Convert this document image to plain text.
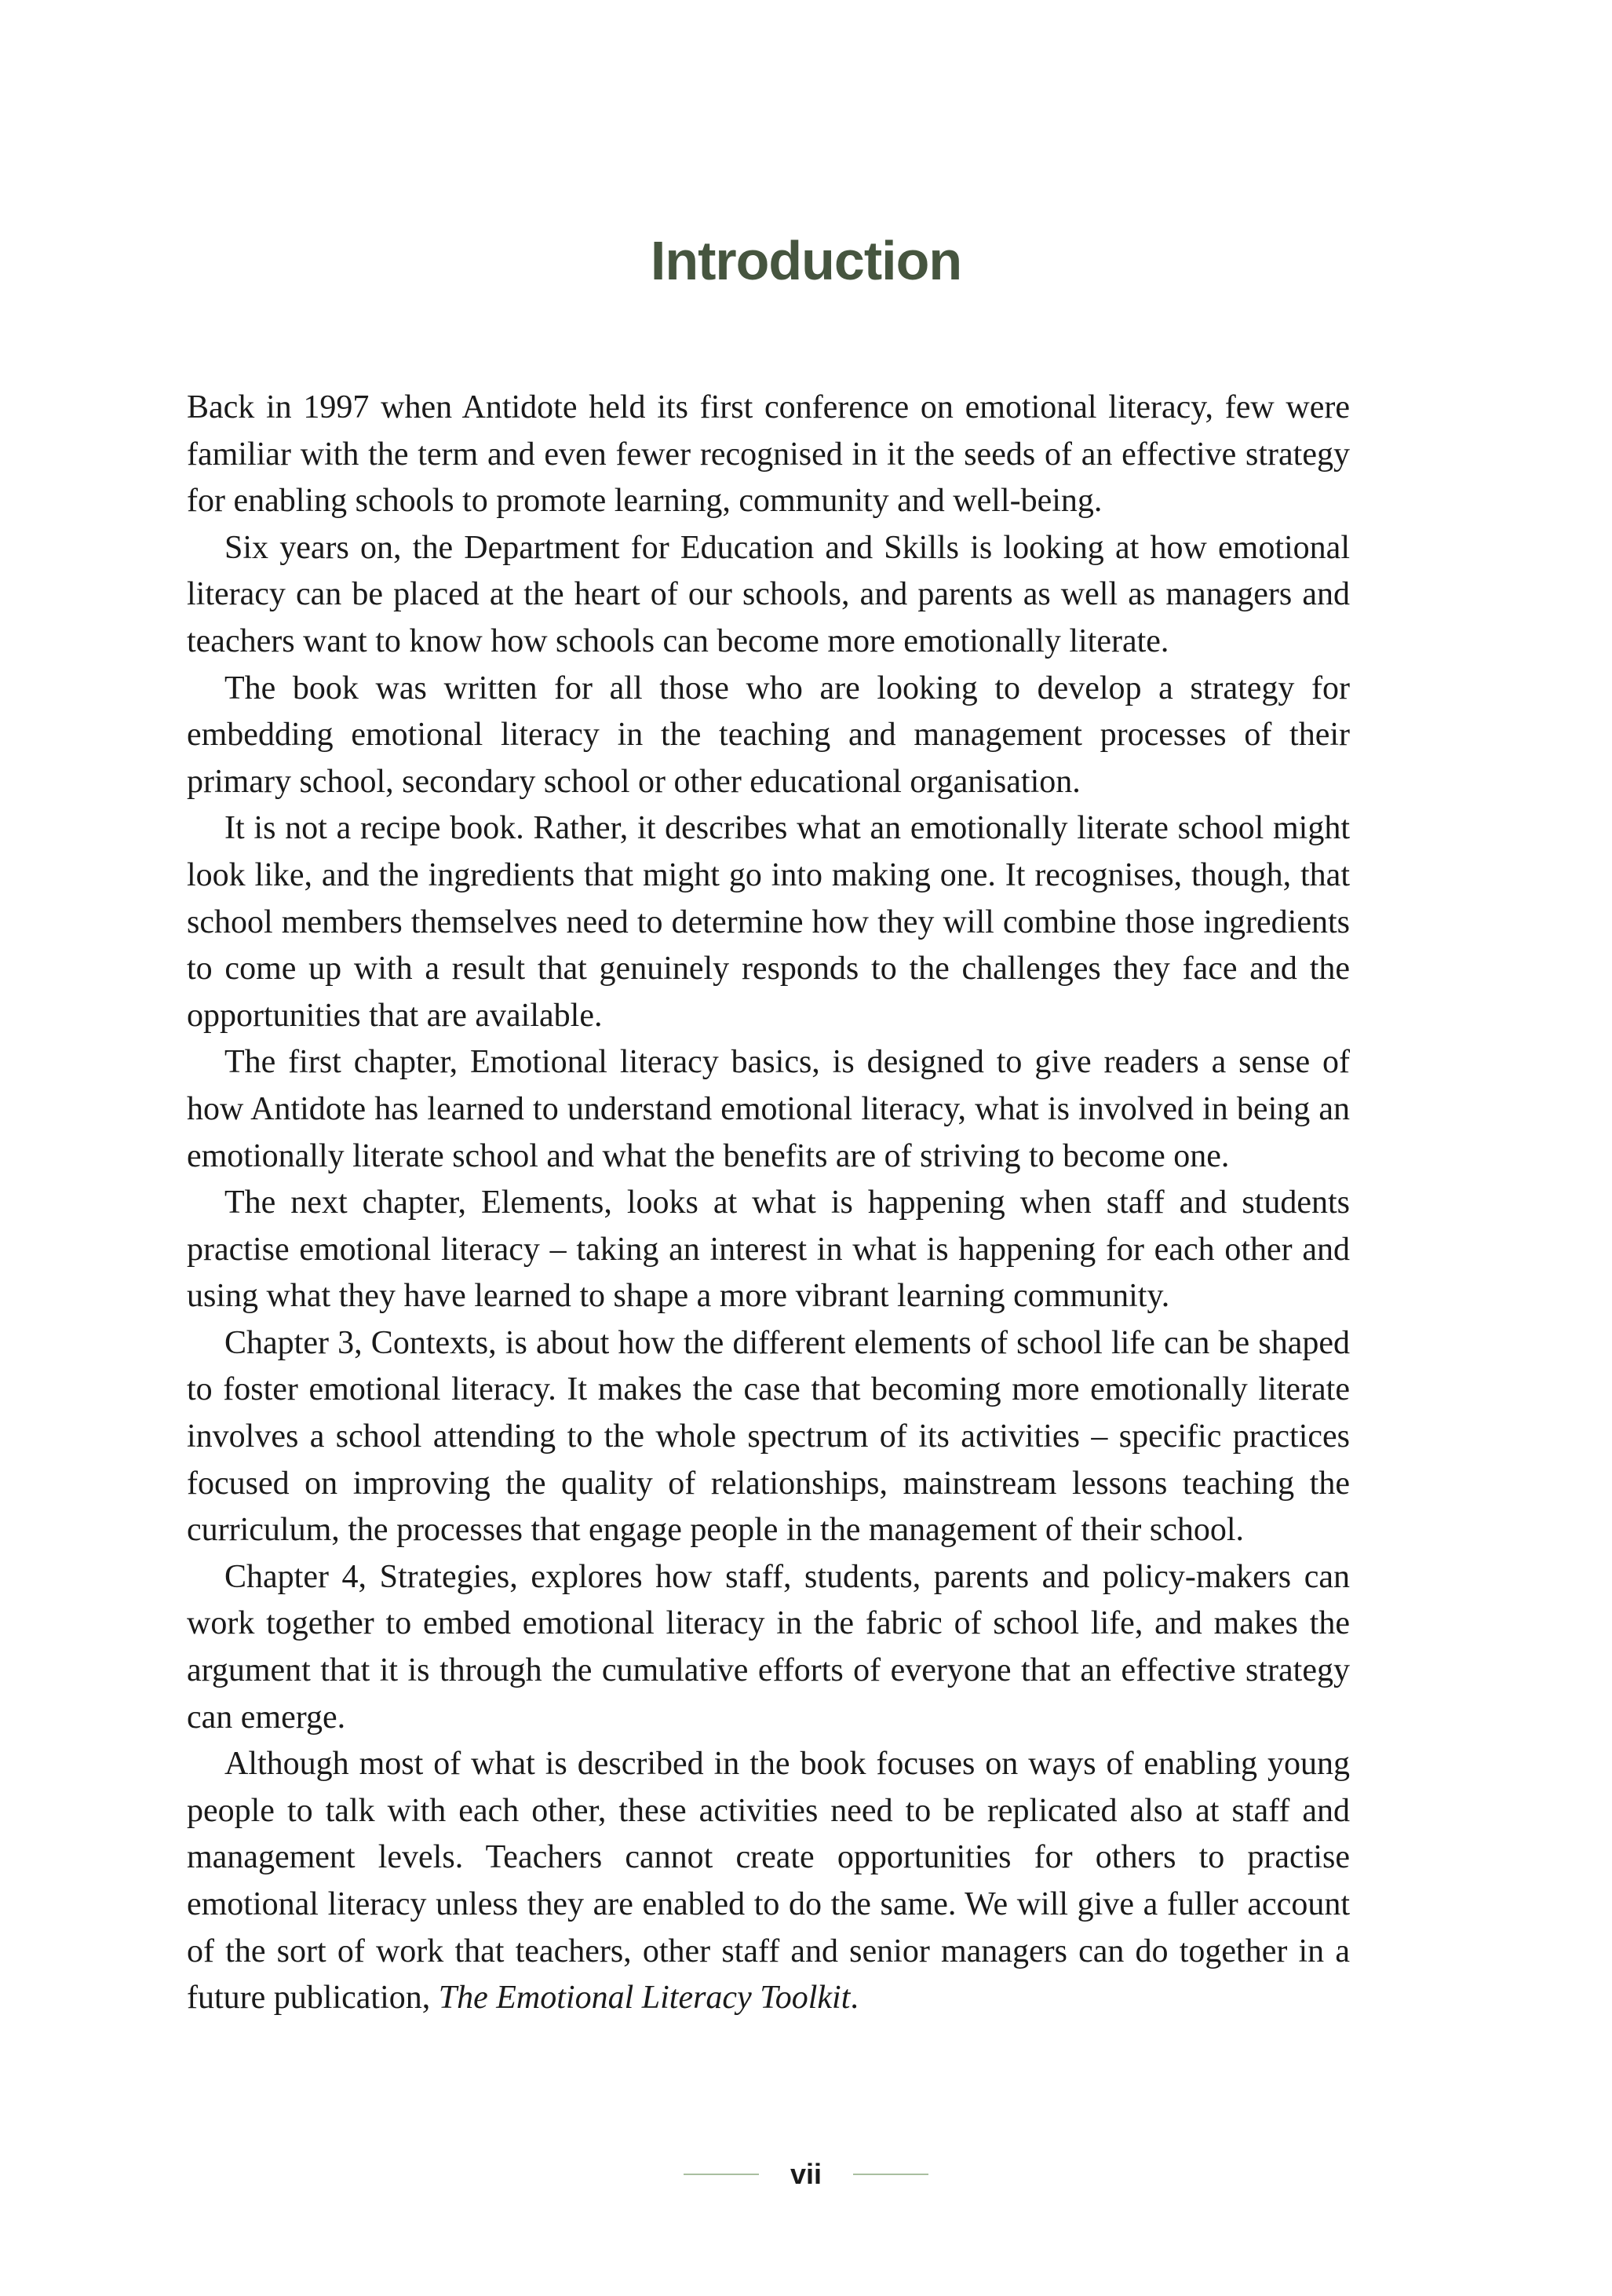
Introduction

Back in 1997 when Antidote held its first conference on emotional literacy, few were familiar with the term and even fewer recognised in it the seeds of an effective strategy for enabling schools to promote learning, community and well-being.

Six years on, the Department for Education and Skills is looking at how emotional literacy can be placed at the heart of our schools, and parents as well as managers and teachers want to know how schools can become more emotionally literate.

The book was written for all those who are looking to develop a strategy for embedding emotional literacy in the teaching and management processes of their primary school, secondary school or other educational organisation.

It is not a recipe book. Rather, it describes what an emotionally literate school might look like, and the ingredients that might go into making one. It recognises, though, that school members themselves need to determine how they will combine those ingredients to come up with a result that genuinely responds to the challenges they face and the opportunities that are available.

The first chapter, Emotional literacy basics, is designed to give readers a sense of how Antidote has learned to understand emotional literacy, what is involved in being an emotionally literate school and what the benefits are of striving to become one.

The next chapter, Elements, looks at what is happening when staff and students practise emotional literacy – taking an interest in what is happening for each other and using what they have learned to shape a more vibrant learning community.

Chapter 3, Contexts, is about how the different elements of school life can be shaped to foster emotional literacy. It makes the case that becoming more emotionally literate involves a school attending to the whole spectrum of its activities – specific practices focused on improving the quality of relationships, mainstream lessons teaching the curriculum, the processes that engage people in the management of their school.

Chapter 4, Strategies, explores how staff, students, parents and policy-makers can work together to embed emotional literacy in the fabric of school life, and makes the argument that it is through the cumulative efforts of everyone that an effective strategy can emerge.

Although most of what is described in the book focuses on ways of enabling young people to talk with each other, these activities need to be replicated also at staff and management levels. Teachers cannot create opportunities for others to practise emotional literacy unless they are enabled to do the same. We will give a fuller account of the sort of work that teachers, other staff and senior managers can do together in a future publication, The Emotional Literacy Toolkit.

vii
